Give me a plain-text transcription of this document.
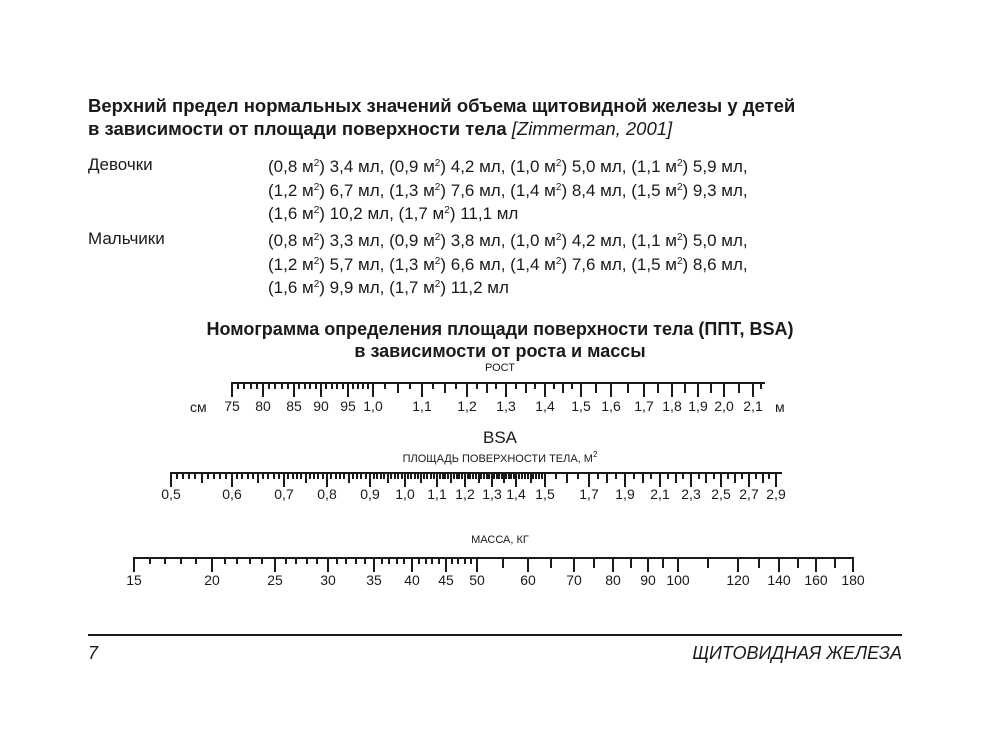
Верхний предел нормальных значений объема щитовидной железы у детей
в зависимости от площади поверхности тела [Zimmerman, 2001]
Девочки	(0,8 $м^2$) 3,4 мл, (0,9 $м^2$) 4,2 мл, (1,0 $м^2$) 5,0 мл, (1,1 $м^2$) 5,9 мл,
(1,2 $м^2$) 6,7 мл, (1,3 $м^2$) 7,6 мл, (1,4 $м^2$) 8,4 мл, (1,5 $м^2$) 9,3 мл,
(1,6 $м^2$) 10,2 мл, (1,7 $м^2$) 11,1 мл
Мальчики	(0,8 $м^2$) 3,3 мл, (0,9 $м^2$) 3,8 мл, (1,0 $м^2$) 4,2 мл, (1,1 $м^2$) 5,0 мл,
(1,2 $м^2$) 5,7 мл, (1,3 $м^2$) 6,6 мл, (1,4 $м^2$) 7,6 мл, (1,5 $м^2$) 8,6 мл,
(1,6 $м^2$) 9,9 мл, (1,7 $м^2$) 11,2 мл
Номограмма определения площади поверхности тела (ППТ, BSA)
в зависимости от роста и массы
РОСТ
75 80 85 90 95 1,0 1,1 1,2 1,3 1,4 1,5 1,6 1,7 1,8 1,9 2,0 2,1
см	м
BSA
ПЛОЩАДЬ ПОВЕРХНОСТИ ТЕЛА, $М^2$
0,5	0,6 0,7 0,8 0,9 1,0 1,1 1,2 1,3 1,4 1,5 1,7 1,9 2,1 2,3 2,5 2,7 2,9
МАССА, КГ
15	20	25	30 35 40 45 50	60 70 80 90 100	120 140 160 180
7	ЩИТОВИДНАЯ ЖЕЛЕЗА
